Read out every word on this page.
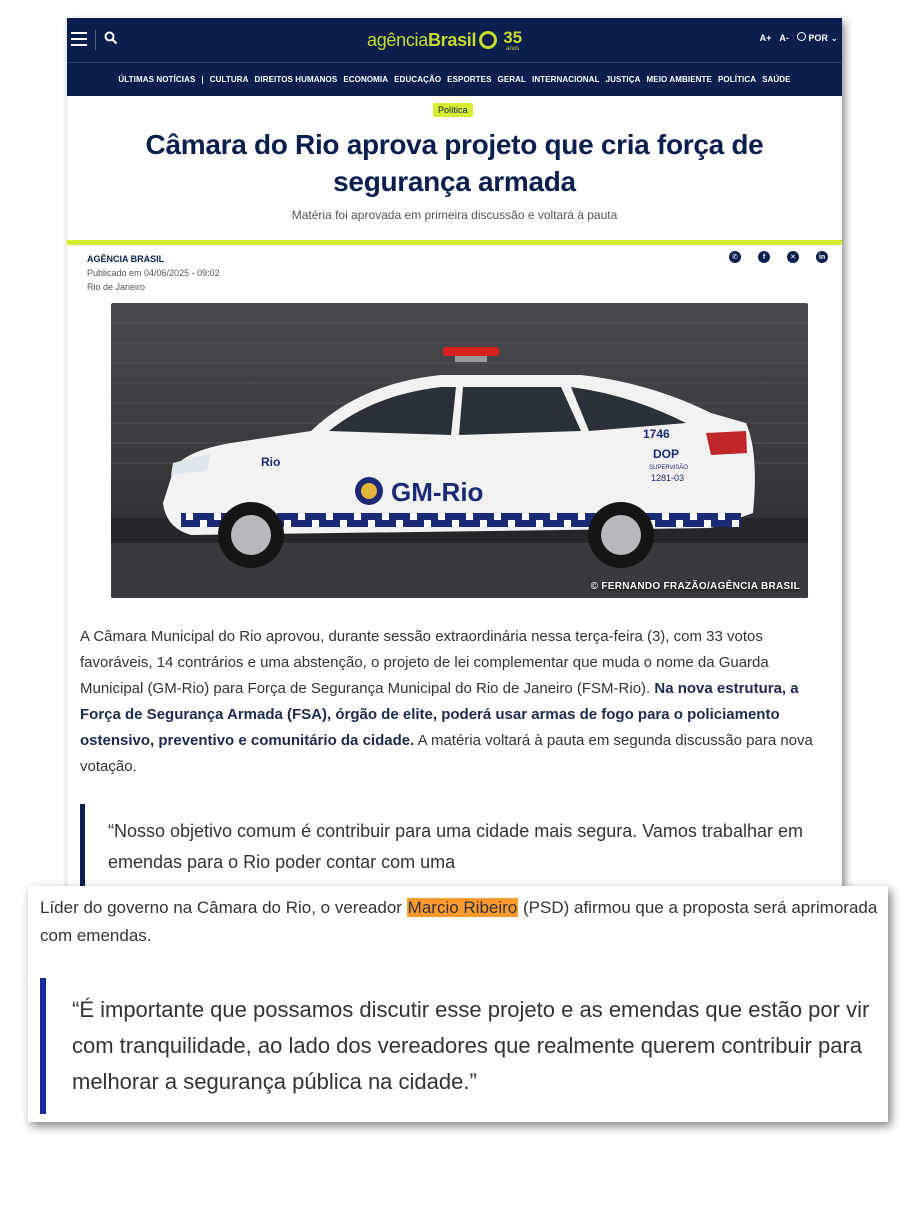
agência Brasil 35
anos
A+ A-	POR ⌄
ÚLTIMAS NOTÍCIAS | CULTURA DIREITOS HUMANOS ECONOMIA EDUCAÇÃO ESPORTES GERAL INTERNACIONAL JUSTIÇA MEIO AMBIENTE POLÍTICA SAÚDE
Política
Câmara do Rio aprova projeto que cria força de segurança armada
Matéria foi aprovada em primeira discussão e voltará à pauta
AGÊNCIA BRASIL
Publicado em 04/06/2025 - 09:02
Rio de Janeiro
✆	f	✕	in
GM-Rio
Rio
1746
DOP
SUPERVISÃO
1281-03
© FERNANDO FRAZÃO/AGÊNCIA BRASIL
A Câmara Municipal do Rio aprovou, durante sessão extraordinária nessa terça-feira (3), com 33 votos favoráveis, 14 contrários e uma abstenção, o projeto de lei complementar que muda o nome da Guarda Municipal (GM-Rio) para Força de Segurança Municipal do Rio de Janeiro (FSM-Rio). Na nova estrutura, a Força de Segurança Armada (FSA), órgão de elite, poderá usar armas de fogo para o policiamento ostensivo, preventivo e comunitário da cidade. A matéria voltará à pauta em segunda discussão para nova votação.
“Nosso objetivo comum é contribuir para uma cidade mais segura. Vamos trabalhar em emendas para o Rio poder contar com uma
Líder do governo na Câmara do Rio, o vereador Marcio Ribeiro (PSD) afirmou que a proposta será aprimorada com emendas.
“É importante que possamos discutir esse projeto e as emendas que estão por vir com tranquilidade, ao lado dos vereadores que realmente querem contribuir para melhorar a segurança pública na cidade.”
